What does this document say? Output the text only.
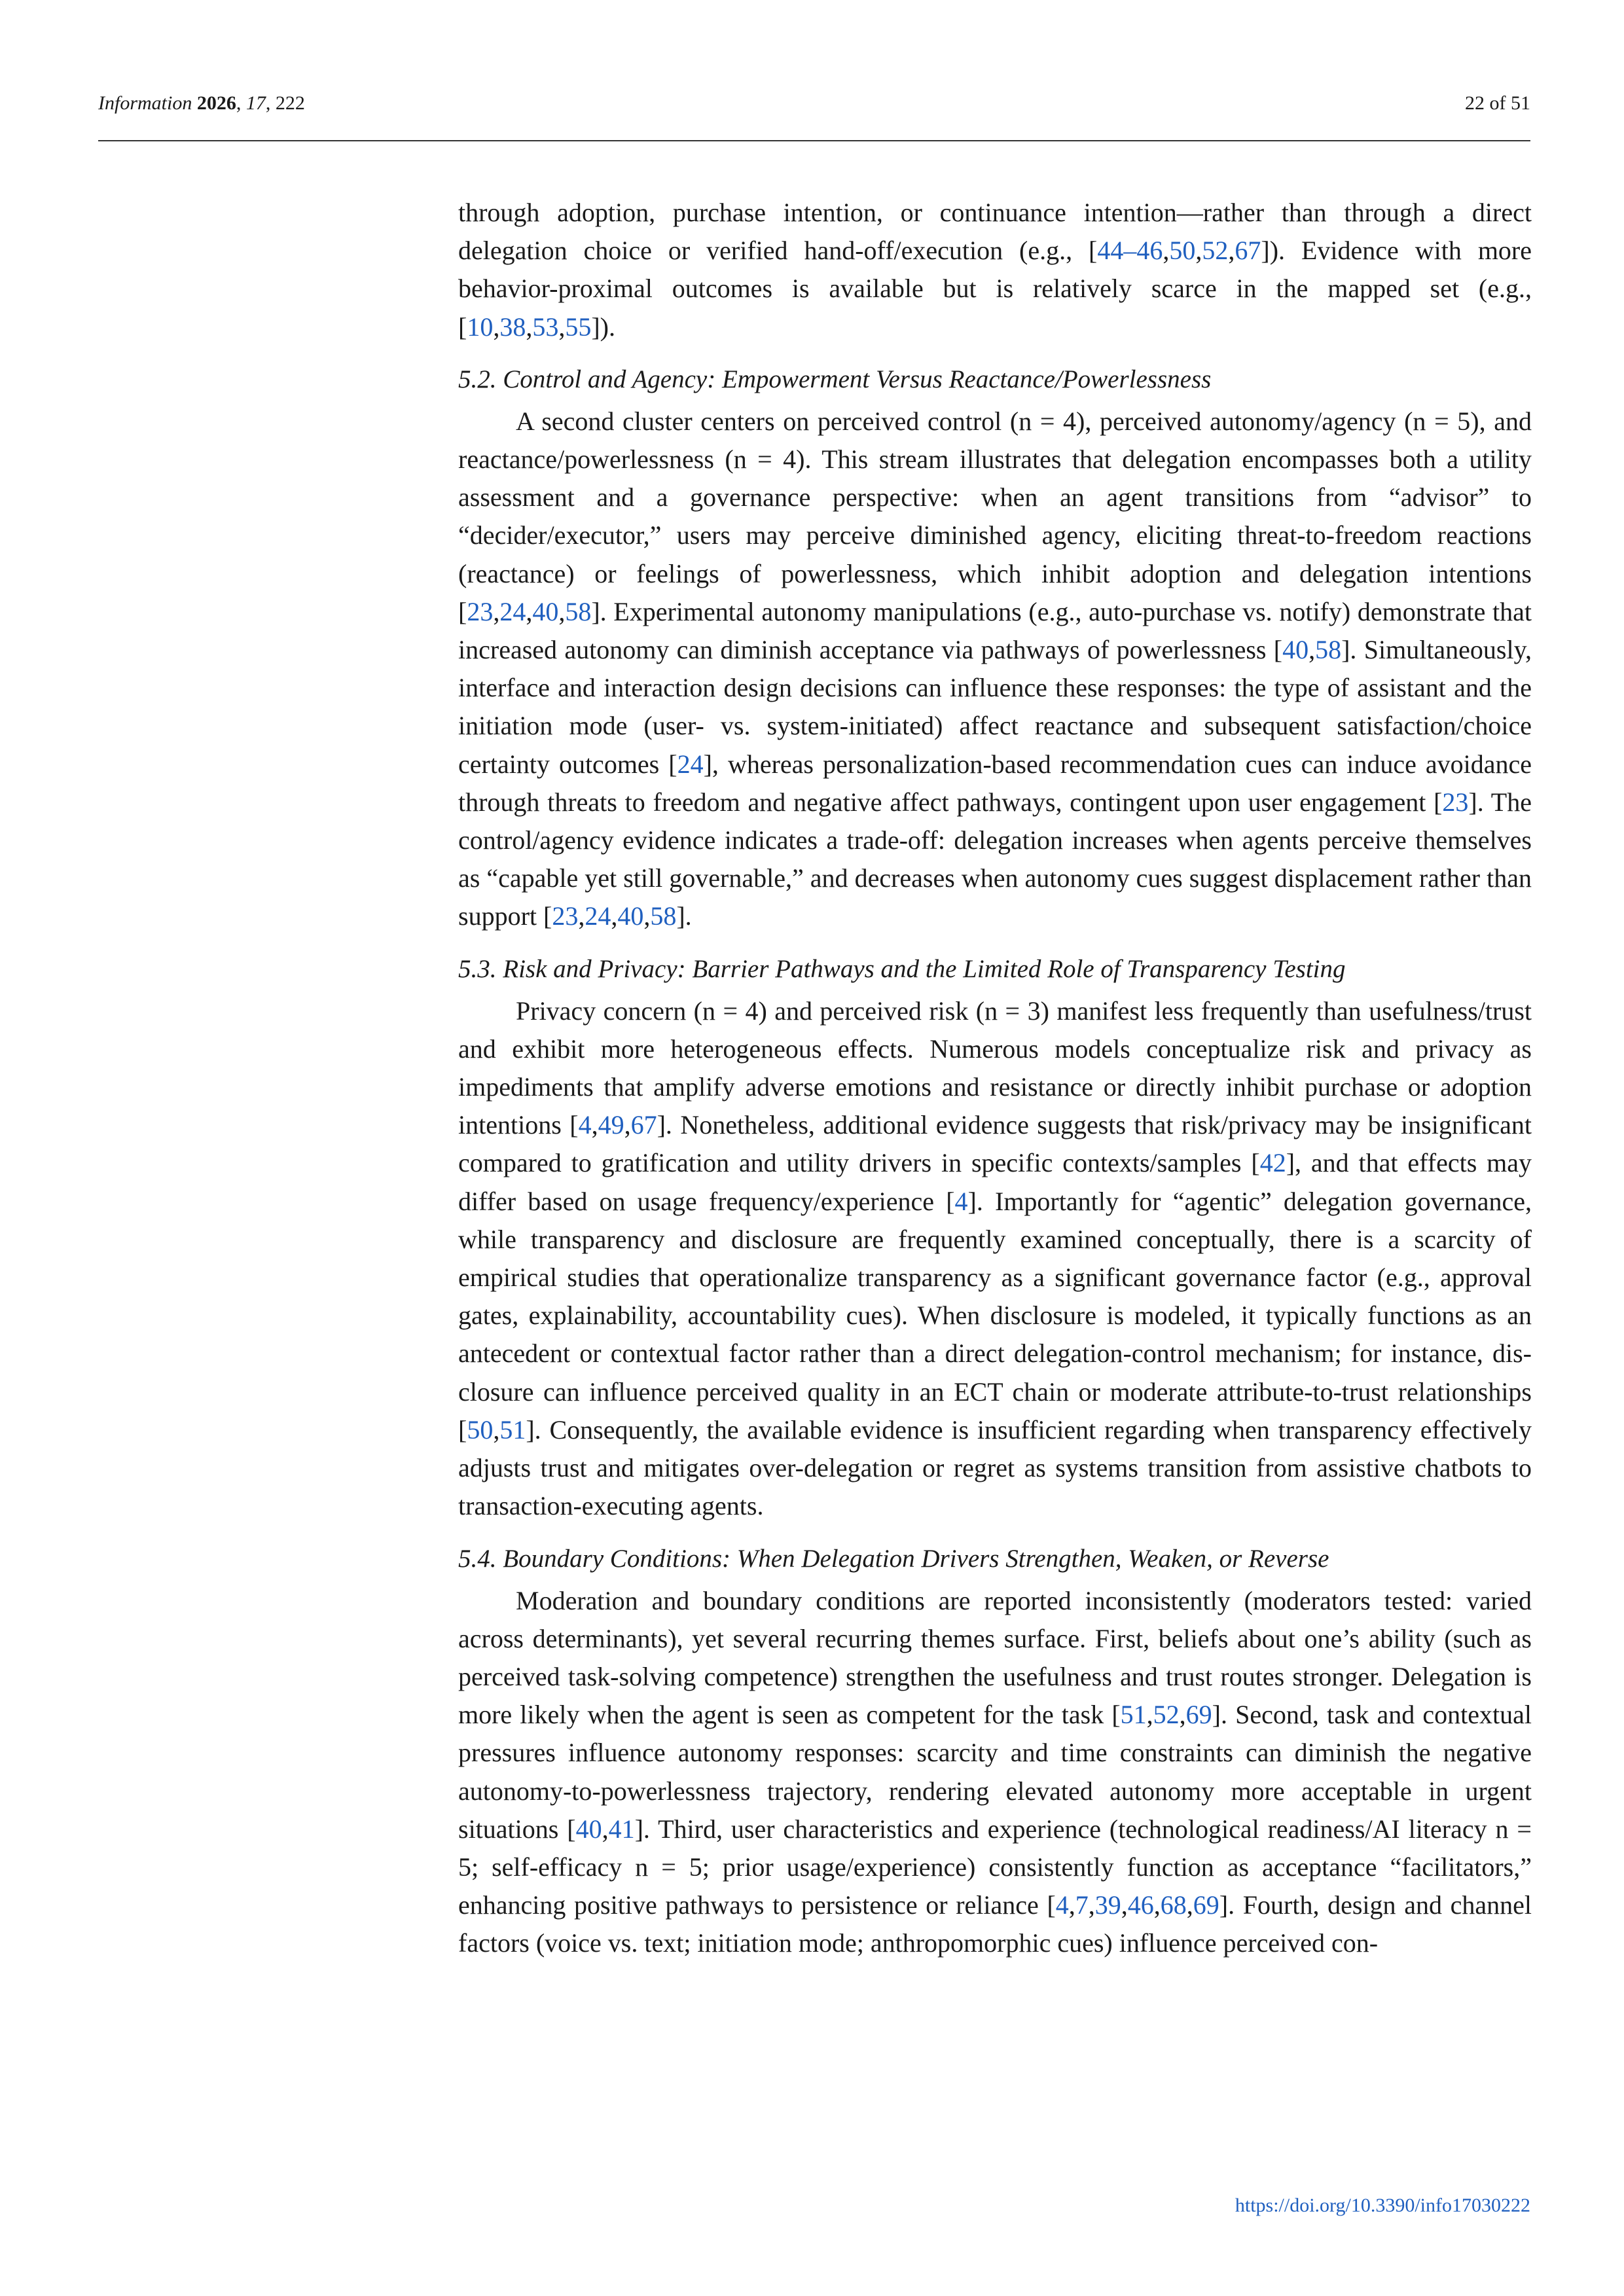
Information 2026, 17, 222	22 of 51

through adoption, purchase intention, or continuance intention—rather than through a direct delegation choice or verified hand-off/execution (e.g., [44–46,50,52,67]). Evidence with more behavior-proximal outcomes is available but is relatively scarce in the mapped set (e.g., [10,38,53,55]).

5.2. Control and Agency: Empowerment Versus Reactance/Powerlessness

A second cluster centers on perceived control (n = 4), perceived autonomy/agency (n = 5), and reactance/powerlessness (n = 4). This stream illustrates that delegation encompasses both a utility assessment and a governance perspective: when an agent transitions from “advisor” to “decider/executor,” users may perceive diminished agency, eliciting threat-to-freedom reactions (reactance) or feelings of powerlessness, which inhibit adoption and delegation intentions [23,24,40,58]. Experimental autonomy manipulations (e.g., auto-purchase vs. notify) demonstrate that increased autonomy can diminish acceptance via pathways of powerlessness [40,58]. Simultaneously, interface and interaction design decisions can influence these responses: the type of assistant and the initiation mode (user- vs. system-initiated) affect reactance and subsequent satisfaction/choice certainty outcomes [24], whereas personalization-based recommendation cues can induce avoidance through threats to freedom and negative affect pathways, contingent upon user engagement [23]. The control/agency evidence indicates a trade-off: delegation increases when agents perceive themselves as “capable yet still governable,” and decreases when autonomy cues suggest displacement rather than support [23,24,40,58].

5.3. Risk and Privacy: Barrier Pathways and the Limited Role of Transparency Testing

Privacy concern (n = 4) and perceived risk (n = 3) manifest less frequently than usefulness/trust and exhibit more heterogeneous effects. Numerous models conceptualize risk and privacy as impediments that amplify adverse emotions and resistance or directly inhibit purchase or adoption intentions [4,49,67]. Nonetheless, additional evidence suggests that risk/privacy may be insignificant compared to gratification and utility drivers in specific contexts/samples [42], and that effects may differ based on usage frequency/experience [4]. Importantly for “agentic” delegation governance, while transparency and disclosure are frequently examined conceptually, there is a scarcity of empirical studies that operationalize transparency as a significant governance factor (e.g., approval gates, explainability, accountability cues). When disclosure is modeled, it typically functions as an antecedent or contextual factor rather than a direct delegation-control mechanism; for instance, disclosure can influence perceived quality in an ECT chain or moderate attribute-to-trust relationships [50,51]. Consequently, the available evidence is insufficient regarding when transparency effectively adjusts trust and mitigates over-delegation or regret as systems transition from assistive chatbots to transaction-executing agents.

5.4. Boundary Conditions: When Delegation Drivers Strengthen, Weaken, or Reverse

Moderation and boundary conditions are reported inconsistently (moderators tested: varied across determinants), yet several recurring themes surface. First, beliefs about one’s ability (such as perceived task-solving competence) strengthen the usefulness and trust routes stronger. Delegation is more likely when the agent is seen as competent for the task [51,52,69]. Second, task and contextual pressures influence autonomy responses: scarcity and time constraints can diminish the negative autonomy-to-powerlessness trajectory, rendering elevated autonomy more acceptable in urgent situations [40,41]. Third, user characteristics and experience (technological readiness/AI literacy n = 5; self-efficacy n = 5; prior usage/experience) consistently function as acceptance “facilitators,” enhancing positive pathways to persistence or reliance [4,7,39,46,68,69]. Fourth, design and channel factors (voice vs. text; initiation mode; anthropomorphic cues) influence perceived con-

https://doi.org/10.3390/info17030222
